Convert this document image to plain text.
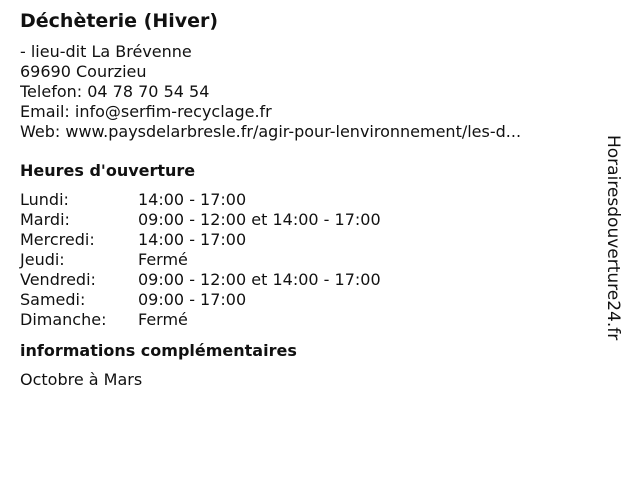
Déchèterie (Hiver)
- lieu-dit La Brévenne
69690 Courzieu
Telefon: 04 78 70 54 54
Email: info@serfim-recyclage.fr
Web: www.paysdelarbresle.fr/agir-pour-lenvironnement/les-d...
Heures d'ouverture
Lundi:	14:00 - 17:00
Mardi:	09:00 - 12:00 et 14:00 - 17:00
Mercredi:	14:00 - 17:00
Jeudi:	Fermé
Vendredi:	09:00 - 12:00 et 14:00 - 17:00
Samedi:	09:00 - 17:00
Dimanche:	Fermé
informations complémentaires
Octobre à Mars
Horairesdouverture24.fr
